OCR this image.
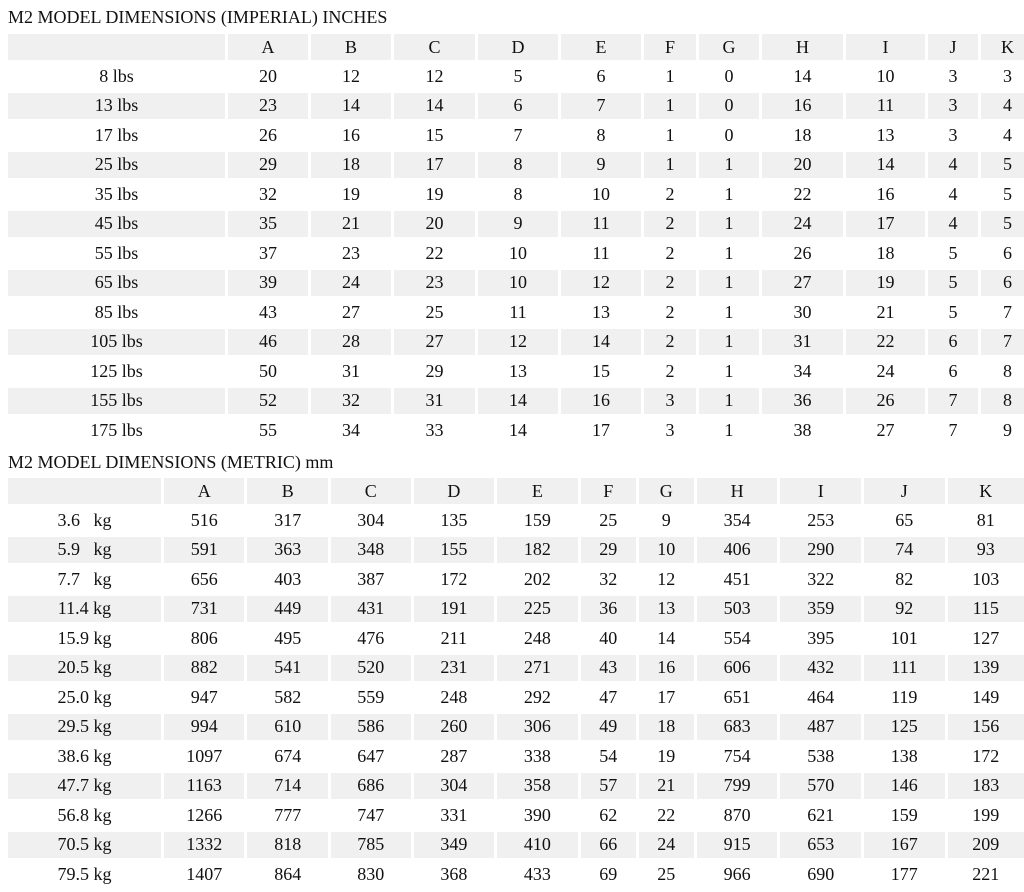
M2 MODEL DIMENSIONS (IMPERIAL) INCHES
	A	B	C	D	E	F	G	H	I	J	K
8 lbs	20	12	12	5	6	1	0	14	10	3	3
13 lbs	23	14	14	6	7	1	0	16	11	3	4
17 lbs	26	16	15	7	8	1	0	18	13	3	4
25 lbs	29	18	17	8	9	1	1	20	14	4	5
35 lbs	32	19	19	8	10	2	1	22	16	4	5
45 lbs	35	21	20	9	11	2	1	24	17	4	5
55 lbs	37	23	22	10	11	2	1	26	18	5	6
65 lbs	39	24	23	10	12	2	1	27	19	5	6
85 lbs	43	27	25	11	13	2	1	30	21	5	7
105 lbs	46	28	27	12	14	2	1	31	22	6	7
125 lbs	50	31	29	13	15	2	1	34	24	6	8
155 lbs	52	32	31	14	16	3	1	36	26	7	8
175 lbs	55	34	33	14	17	3	1	38	27	7	9
M2 MODEL DIMENSIONS (METRIC) mm
	A	B	C	D	E	F	G	H	I	J	K
3.6   kg	516	317	304	135	159	25	9	354	253	65	81
5.9   kg	591	363	348	155	182	29	10	406	290	74	93
7.7   kg	656	403	387	172	202	32	12	451	322	82	103
11.4 kg	731	449	431	191	225	36	13	503	359	92	115
15.9 kg	806	495	476	211	248	40	14	554	395	101	127
20.5 kg	882	541	520	231	271	43	16	606	432	111	139
25.0 kg	947	582	559	248	292	47	17	651	464	119	149
29.5 kg	994	610	586	260	306	49	18	683	487	125	156
38.6 kg	1097	674	647	287	338	54	19	754	538	138	172
47.7 kg	1163	714	686	304	358	57	21	799	570	146	183
56.8 kg	1266	777	747	331	390	62	22	870	621	159	199
70.5 kg	1332	818	785	349	410	66	24	915	653	167	209
79.5 kg	1407	864	830	368	433	69	25	966	690	177	221
